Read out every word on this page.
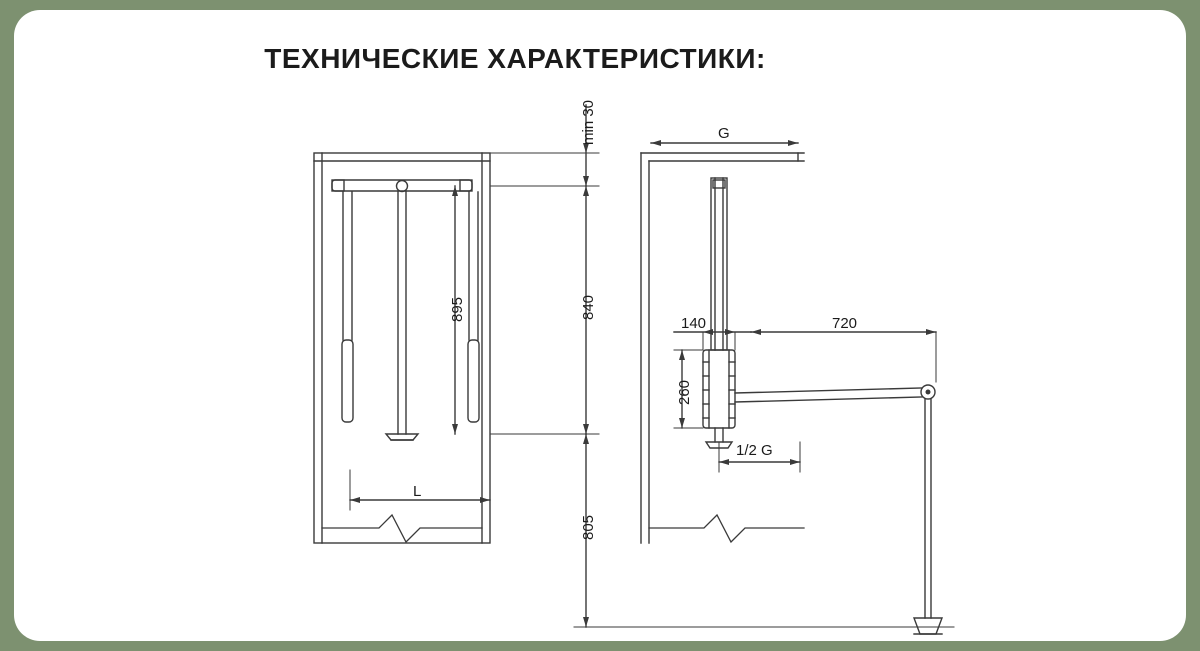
ТЕХНИЧЕСКИЕ ХАРАКТЕРИСТИКИ:
min 30
840
805
895
L
G
140	720
260
1/2 G
